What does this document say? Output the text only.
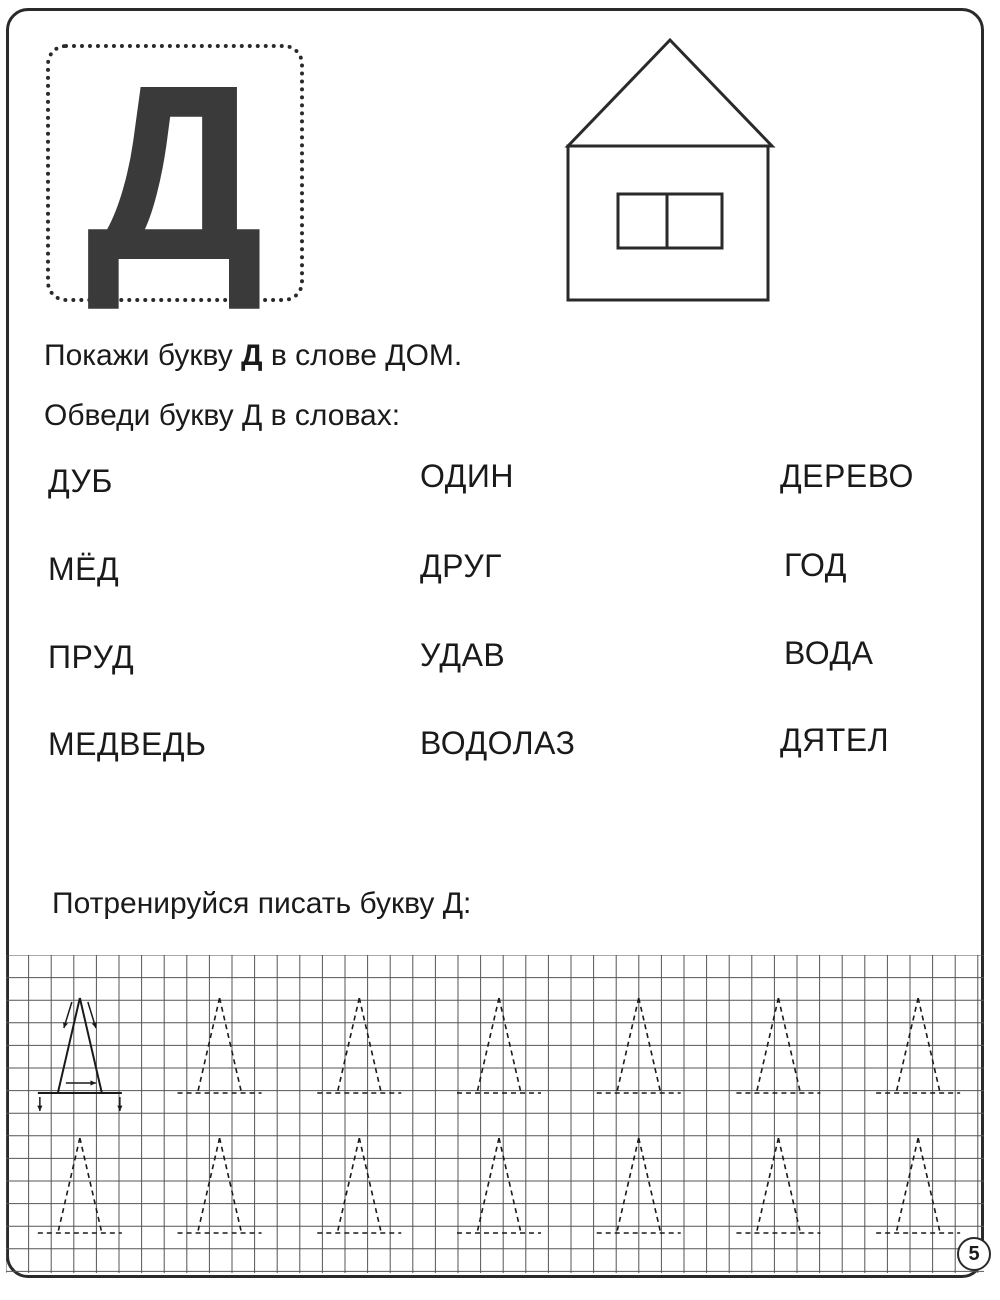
Д
Покажи букву Д в слове ДОМ.
Обведи букву Д в словах:
ДУБ	ОДИН	ДЕРЕВО
МЁД	ДРУГ	ГОД
ПРУД	УДАВ	ВОДА
МЕДВЕДЬ	ВОДОЛАЗ	ДЯТЕЛ
Потренируйся писать букву Д:
5
